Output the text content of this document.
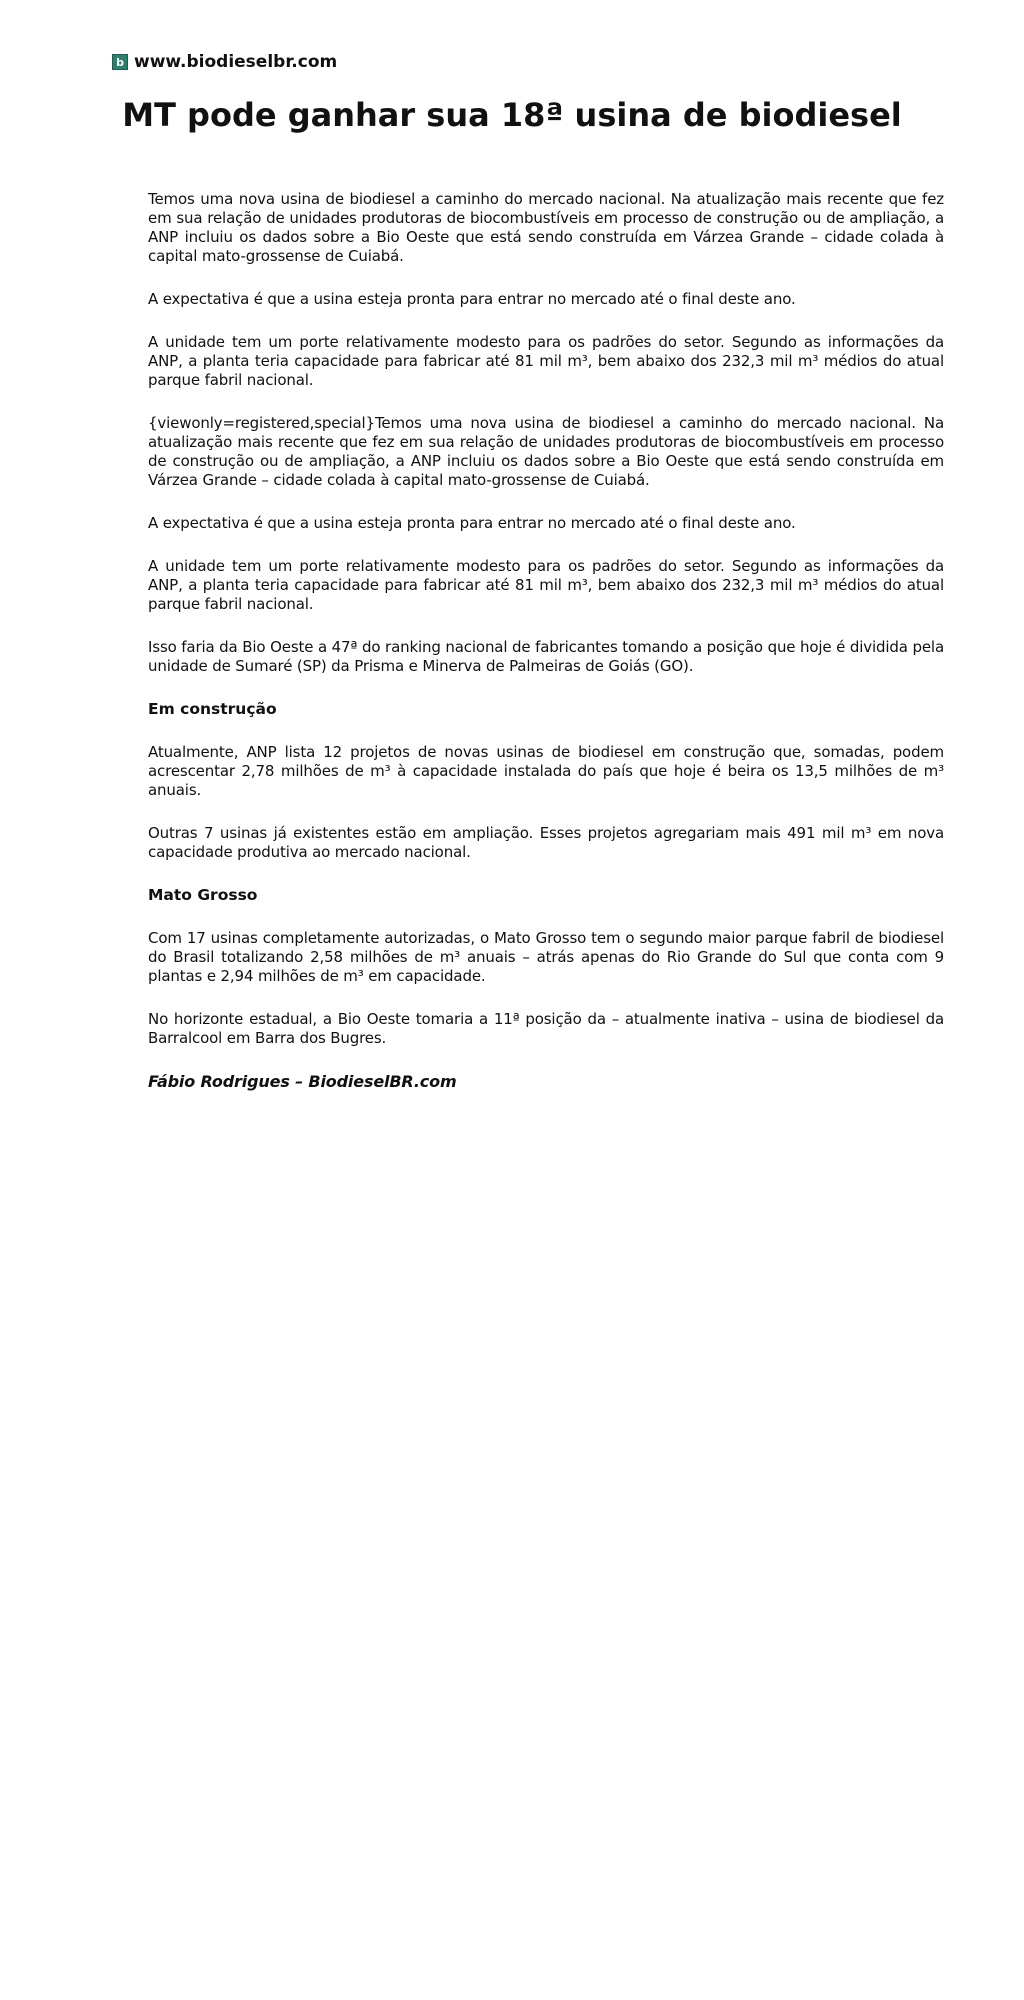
b www.biodieselbr.com
MT pode ganhar sua 18ª usina de biodiesel

Temos uma nova usina de biodiesel a caminho do mercado nacional. Na atualização mais recente que fez em sua relação de unidades produtoras de biocombustíveis em processo de construção ou de ampliação, a ANP incluiu os dados sobre a Bio Oeste que está sendo construída em Várzea Grande – cidade colada à capital mato-grossense de Cuiabá.

A expectativa é que a usina esteja pronta para entrar no mercado até o final deste ano.

A unidade tem um porte relativamente modesto para os padrões do setor. Segundo as informações da ANP, a planta teria capacidade para fabricar até 81 mil m³, bem abaixo dos 232,3 mil m³ médios do atual parque fabril nacional.

{viewonly=registered,special}Temos uma nova usina de biodiesel a caminho do mercado nacional. Na atualização mais recente que fez em sua relação de unidades produtoras de biocombustíveis em processo de construção ou de ampliação, a ANP incluiu os dados sobre a Bio Oeste que está sendo construída em Várzea Grande – cidade colada à capital mato-grossense de Cuiabá.

A expectativa é que a usina esteja pronta para entrar no mercado até o final deste ano.

A unidade tem um porte relativamente modesto para os padrões do setor. Segundo as informações da ANP, a planta teria capacidade para fabricar até 81 mil m³, bem abaixo dos 232,3 mil m³ médios do atual parque fabril nacional.

Isso faria da Bio Oeste a 47ª do ranking nacional de fabricantes tomando a posição que hoje é dividida pela unidade de Sumaré (SP) da Prisma e Minerva de Palmeiras de Goiás (GO).

Em construção

Atualmente, ANP lista 12 projetos de novas usinas de biodiesel em construção que, somadas, podem acrescentar 2,78 milhões de m³ à capacidade instalada do país que hoje é beira os 13,5 milhões de m³ anuais.

Outras 7 usinas já existentes estão em ampliação. Esses projetos agregariam mais 491 mil m³ em nova capacidade produtiva ao mercado nacional.

Mato Grosso

Com 17 usinas completamente autorizadas, o Mato Grosso tem o segundo maior parque fabril de biodiesel do Brasil totalizando 2,58 milhões de m³ anuais – atrás apenas do Rio Grande do Sul que conta com 9 plantas e 2,94 milhões de m³ em capacidade.

No horizonte estadual, a Bio Oeste tomaria a 11ª posição da – atualmente inativa – usina de biodiesel da Barralcool em Barra dos Bugres.

Fábio Rodrigues – BiodieselBR.com
